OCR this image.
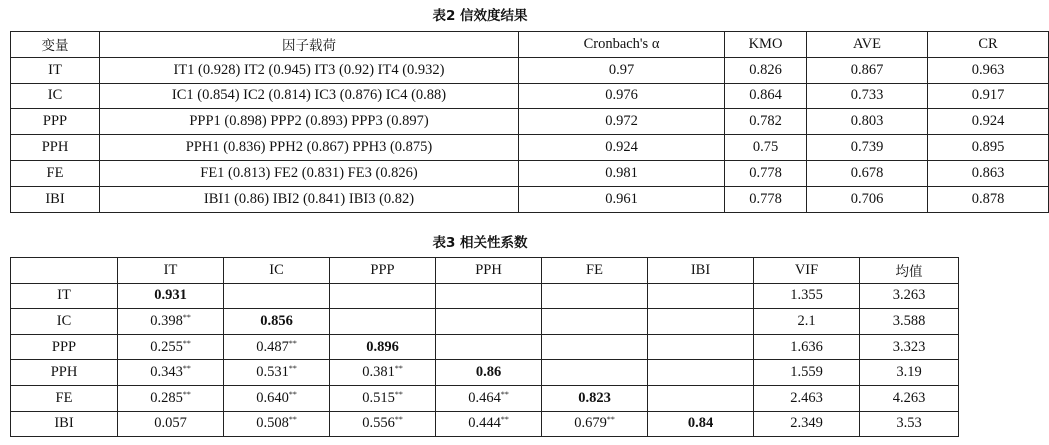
表2 信效度结果
变量	因子载荷	Cronbach's α	KMO	AVE	CR
IT	IT1 (0.928) IT2 (0.945) IT3 (0.92) IT4 (0.932)	0.97	0.826	0.867	0.963
IC	IC1 (0.854) IC2 (0.814) IC3 (0.876) IC4 (0.88)	0.976	0.864	0.733	0.917
PPP	PPP1 (0.898) PPP2 (0.893) PPP3 (0.897)	0.972	0.782	0.803	0.924
PPH	PPH1 (0.836) PPH2 (0.867) PPH3 (0.875)	0.924	0.75	0.739	0.895
FE	FE1 (0.813) FE2 (0.831) FE3 (0.826)	0.981	0.778	0.678	0.863
IBI	IBI1 (0.86) IBI2 (0.841) IBI3 (0.82)	0.961	0.778	0.706	0.878
表3 相关性系数
	IT	IC	PPP	PPH	FE	IBI	VIF	均值
IT	0.931						1.355	3.263
IC	0.398**	0.856					2.1	3.588
PPP	0.255**	0.487**	0.896				1.636	3.323
PPH	0.343**	0.531**	0.381**	0.86			1.559	3.19
FE	0.285**	0.640**	0.515**	0.464**	0.823		2.463	4.263
IBI	0.057	0.508**	0.556**	0.444**	0.679**	0.84	2.349	3.53
